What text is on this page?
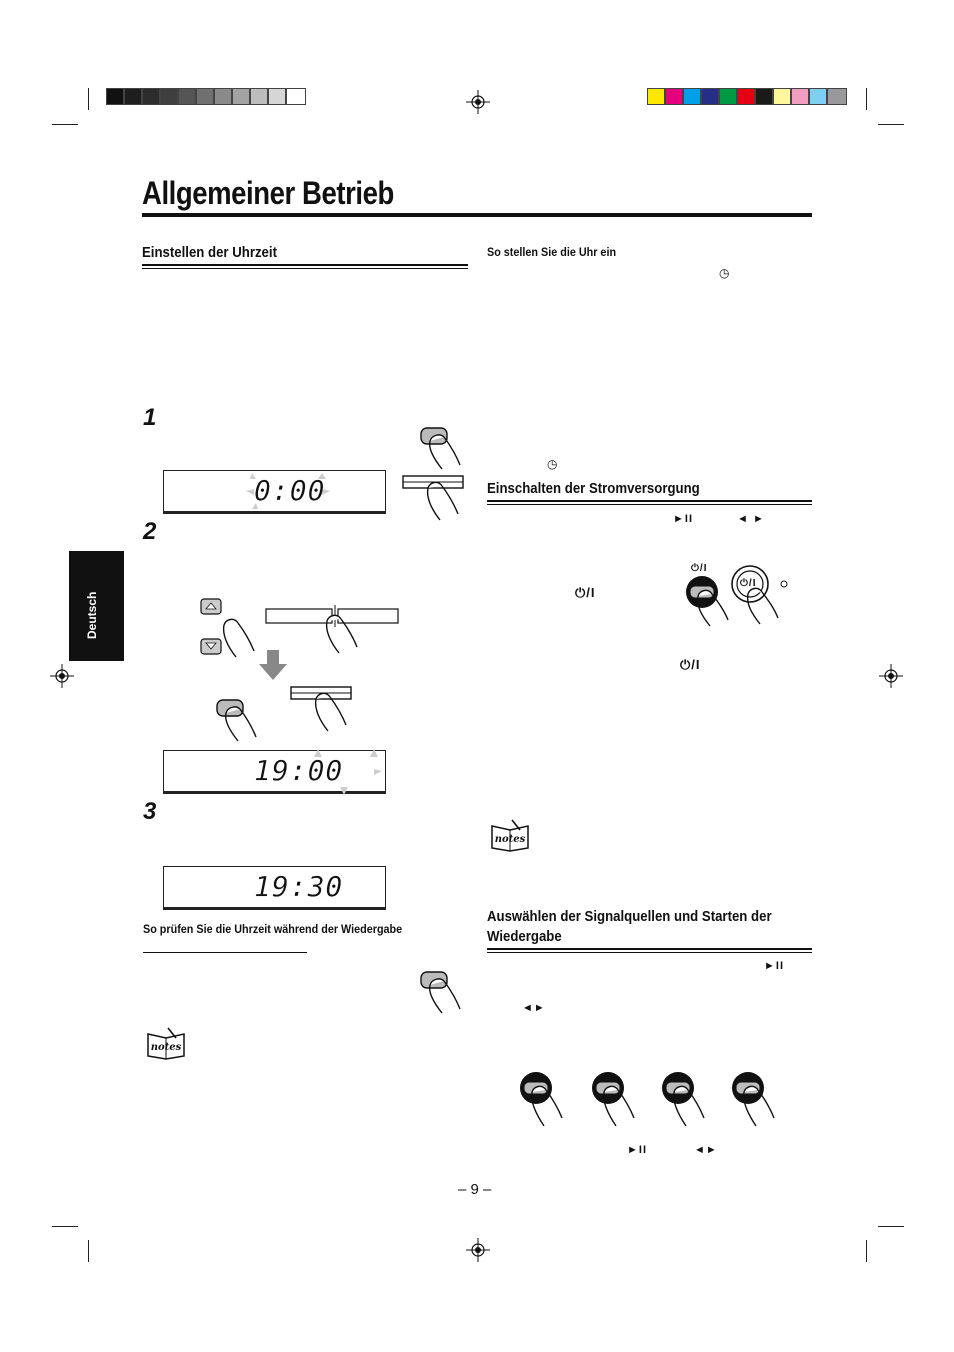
Allgemeiner Betrieb
Deutsch
Einstellen der Uhrzeit
1
0:00
2
19:00
3
19:30
So prüfen Sie die Uhrzeit während der Wiedergabe
notes
So stellen Sie die Uhr ein
◷
◷
Einschalten der Stromversorgung
►II	◄ ►
⏻/I
⏻/I
⏻/I
⏻/I
notes
Auswählen der Signalquellen und Starten der
Wiedergabe
►II
◄►
►II	◄►
– 9 –
